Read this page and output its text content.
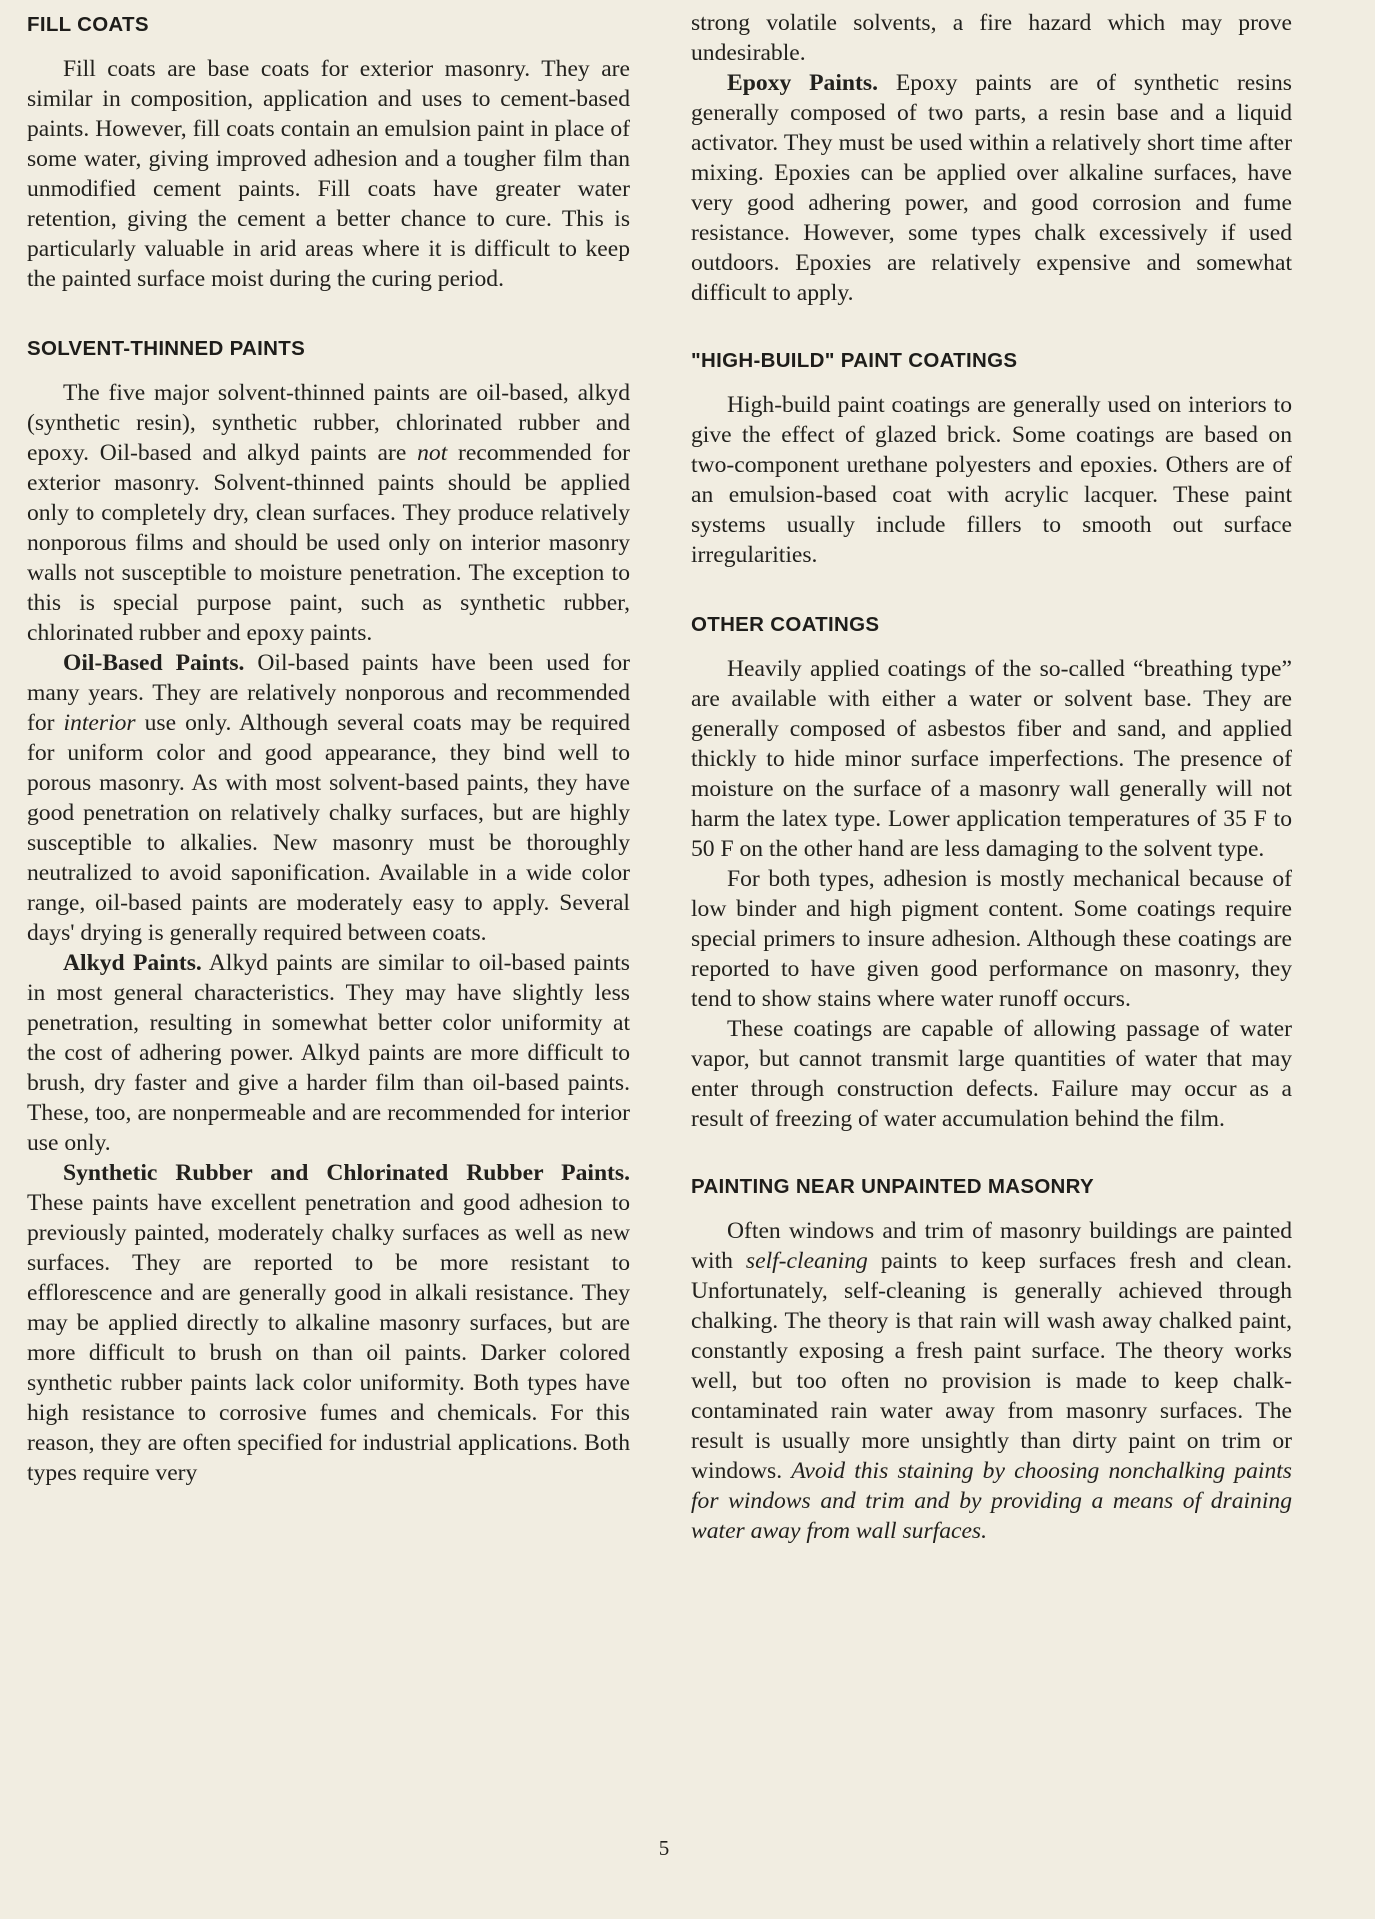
FILL COATS

Fill coats are base coats for exterior masonry. They are similar in composition, application and uses to cement-based paints. However, fill coats contain an emulsion paint in place of some water, giving improved adhesion and a tougher film than unmodified cement paints. Fill coats have greater water retention, giving the cement a better chance to cure. This is particularly valuable in arid areas where it is difficult to keep the painted surface moist during the curing period.

SOLVENT-THINNED PAINTS

The five major solvent-thinned paints are oil-based, alkyd (synthetic resin), synthetic rubber, chlorinated rubber and epoxy. Oil-based and alkyd paints are not recommended for exterior masonry. Solvent-thinned paints should be applied only to completely dry, clean surfaces. They produce relatively nonporous films and should be used only on interior masonry walls not susceptible to moisture penetration. The exception to this is special purpose paint, such as synthetic rubber, chlorinated rubber and epoxy paints.

Oil-Based Paints. Oil-based paints have been used for many years. They are relatively nonporous and recommended for interior use only. Although several coats may be required for uniform color and good appearance, they bind well to porous masonry. As with most solvent-based paints, they have good penetration on relatively chalky surfaces, but are highly susceptible to alkalies. New masonry must be thoroughly neutralized to avoid saponification. Available in a wide color range, oil-based paints are moderately easy to apply. Several days' drying is generally required between coats.

Alkyd Paints. Alkyd paints are similar to oil-based paints in most general characteristics. They may have slightly less penetration, resulting in somewhat better color uniformity at the cost of adhering power. Alkyd paints are more difficult to brush, dry faster and give a harder film than oil-based paints. These, too, are nonpermeable and are recommended for interior use only.

Synthetic Rubber and Chlorinated Rubber Paints. These paints have excellent penetration and good adhesion to previously painted, moderately chalky surfaces as well as new surfaces. They are reported to be more resistant to efflorescence and are generally good in alkali resistance. They may be applied directly to alkaline masonry surfaces, but are more difficult to brush on than oil paints. Darker colored synthetic rubber paints lack color uniformity. Both types have high resistance to corrosive fumes and chemicals. For this reason, they are often specified for industrial applications. Both types require very

strong volatile solvents, a fire hazard which may prove undesirable.

Epoxy Paints. Epoxy paints are of synthetic resins generally composed of two parts, a resin base and a liquid activator. They must be used within a relatively short time after mixing. Epoxies can be applied over alkaline surfaces, have very good adhering power, and good corrosion and fume resistance. However, some types chalk excessively if used outdoors. Epoxies are relatively expensive and somewhat difficult to apply.

"HIGH-BUILD" PAINT COATINGS

High-build paint coatings are generally used on interiors to give the effect of glazed brick. Some coatings are based on two-component urethane polyesters and epoxies. Others are of an emulsion-based coat with acrylic lacquer. These paint systems usually include fillers to smooth out surface irregularities.

OTHER COATINGS

Heavily applied coatings of the so-called “breathing type” are available with either a water or solvent base. They are generally composed of asbestos fiber and sand, and applied thickly to hide minor surface imperfections. The presence of moisture on the surface of a masonry wall generally will not harm the latex type. Lower application temperatures of 35 F to 50 F on the other hand are less damaging to the solvent type.

For both types, adhesion is mostly mechanical because of low binder and high pigment content. Some coatings require special primers to insure adhesion. Although these coatings are reported to have given good performance on masonry, they tend to show stains where water runoff occurs.

These coatings are capable of allowing passage of water vapor, but cannot transmit large quantities of water that may enter through construction defects. Failure may occur as a result of freezing of water accumulation behind the film.

PAINTING NEAR UNPAINTED MASONRY

Often windows and trim of masonry buildings are painted with self-cleaning paints to keep surfaces fresh and clean. Unfortunately, self-cleaning is generally achieved through chalking. The theory is that rain will wash away chalked paint, constantly exposing a fresh paint surface. The theory works well, but too often no provision is made to keep chalk-contaminated rain water away from masonry surfaces. The result is usually more unsightly than dirty paint on trim or windows. Avoid this staining by choosing nonchalking paints for windows and trim and by providing a means of draining water away from wall surfaces.

5
